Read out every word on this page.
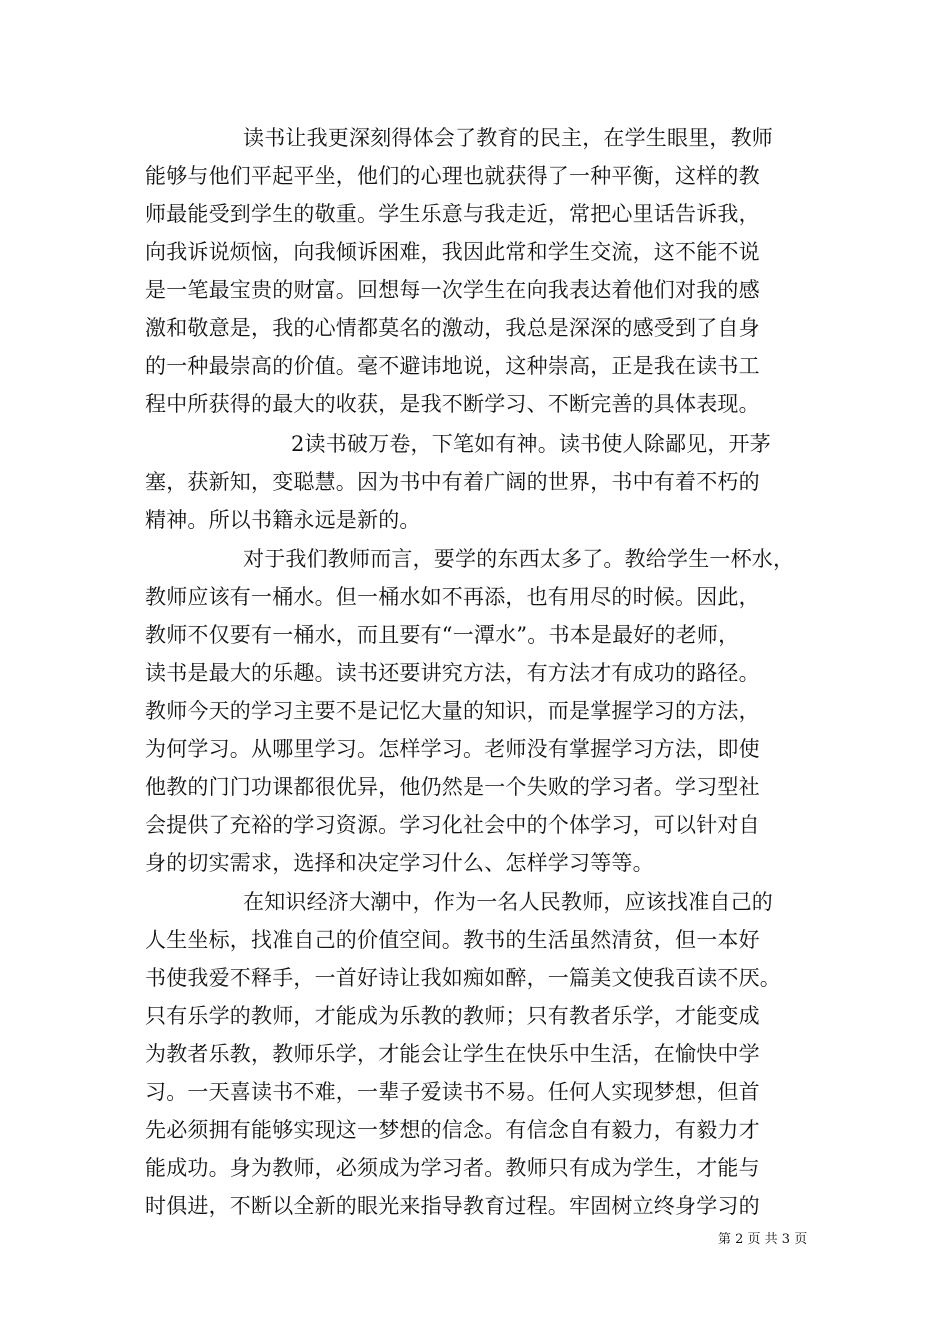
读书让我更深刻得体会了教育的民主，在学生眼里，教师
能够与他们平起平坐，他们的心理也就获得了一种平衡，这样的教
师最能受到学生的敬重。学生乐意与我走近，常把心里话告诉我，
向我诉说烦恼，向我倾诉困难，我因此常和学生交流，这不能不说
是一笔最宝贵的财富。回想每一次学生在向我表达着他们对我的感
激和敬意是，我的心情都莫名的激动，我总是深深的感受到了自身
的一种最崇高的价值。毫不避讳地说，这种崇高，正是我在读书工
程中所获得的最大的收获，是我不断学习、不断完善的具体表现。
2读书破万卷，下笔如有神。读书使人除鄙见，开茅
塞，获新知，变聪慧。因为书中有着广阔的世界，书中有着不朽的
精神。所以书籍永远是新的。
对于我们教师而言，要学的东西太多了。教给学生一杯水，
教师应该有一桶水。但一桶水如不再添，也有用尽的时候。因此，
教师不仅要有一桶水，而且要有“一潭水”。书本是最好的老师，
读书是最大的乐趣。读书还要讲究方法，有方法才有成功的路径。
教师今天的学习主要不是记忆大量的知识，而是掌握学习的方法，
为何学习。从哪里学习。怎样学习。老师没有掌握学习方法，即使
他教的门门功课都很优异，他仍然是一个失败的学习者。学习型社
会提供了充裕的学习资源。学习化社会中的个体学习，可以针对自
身的切实需求，选择和决定学习什么、怎样学习等等。
在知识经济大潮中，作为一名人民教师，应该找准自己的
人生坐标，找准自己的价值空间。教书的生活虽然清贫，但一本好
书使我爱不释手，一首好诗让我如痴如醉，一篇美文使我百读不厌。
只有乐学的教师，才能成为乐教的教师；只有教者乐学，才能变成
为教者乐教，教师乐学，才能会让学生在快乐中生活，在愉快中学
习。一天喜读书不难，一辈子爱读书不易。任何人实现梦想，但首
先必须拥有能够实现这一梦想的信念。有信念自有毅力，有毅力才
能成功。身为教师，必须成为学习者。教师只有成为学生，才能与
时俱进，不断以全新的眼光来指导教育过程。牢固树立终身学习的
第 2 页 共 3 页
